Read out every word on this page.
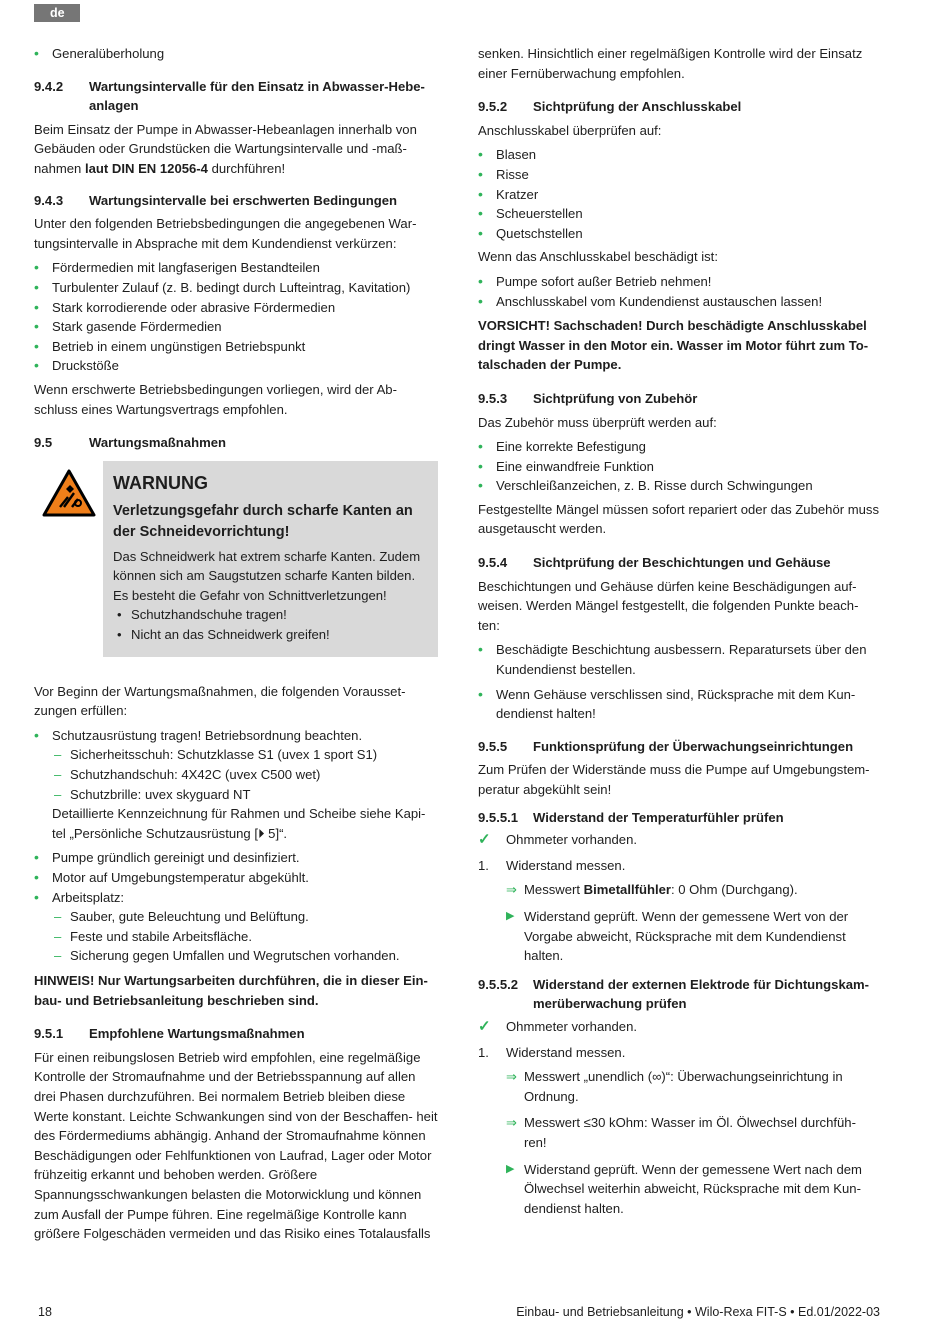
de
• Generalüberholung
9.4.2	Wartungsintervalle für den Einsatz in Abwasser-Hebe- anlagen

Beim Einsatz der Pumpe in Abwasser-Hebeanlagen innerhalb von Gebäuden oder Grundstücken die Wartungsintervalle und -maß- nahmen laut DIN EN 12056-4 durchführen!

9.4.3	Wartungsintervalle bei erschwerten Bedingungen

Unter den folgenden Betriebsbedingungen die angegebenen War- tungsintervalle in Absprache mit dem Kundendienst verkürzen:

• Fördermedien mit langfaserigen Bestandteilen
• Turbulenter Zulauf (z. B. bedingt durch Lufteintrag, Kavitation)
• Stark korrodierende oder abrasive Fördermedien
• Stark gasende Fördermedien
• Betrieb in einem ungünstigen Betriebspunkt
• Druckstöße

Wenn erschwerte Betriebsbedingungen vorliegen, wird der Ab- schluss eines Wartungsvertrags empfohlen.

9.5	Wartungsmaßnahmen
WARNUNG
Verletzungsgefahr durch scharfe Kanten an der Schneidevorrichtung!
Das Schneidwerk hat extrem scharfe Kanten. Zudem können sich am Saugstutzen scharfe Kanten bilden. Es besteht die Gefahr von Schnittverletzungen!
• Schutzhandschuhe tragen!
• Nicht an das Schneidwerk greifen!

Vor Beginn der Wartungsmaßnahmen, die folgenden Vorausset- zungen erfüllen:

• Schutzausrüstung tragen! Betriebsordnung beachten.
– Sicherheitsschuh: Schutzklasse S1 (uvex 1 sport S1)
– Schutzhandschuh: 4X42C (uvex C500 wet)
– Schutzbrille: uvex skyguard NT
Detaillierte Kennzeichnung für Rahmen und Scheibe siehe Kapi- tel „Persönliche Schutzausrüstung [⏵ 5]“.
• Pumpe gründlich gereinigt und desinfiziert.
• Motor auf Umgebungstemperatur abgekühlt.
• Arbeitsplatz:
– Sauber, gute Beleuchtung und Belüftung.
– Feste und stabile Arbeitsfläche.
– Sicherung gegen Umfallen und Wegrutschen vorhanden.

HINWEIS! Nur Wartungsarbeiten durchführen, die in dieser Ein- bau- und Betriebsanleitung beschrieben sind.

9.5.1	Empfohlene Wartungsmaßnahmen

Für einen reibungslosen Betrieb wird empfohlen, eine regelmäßige Kontrolle der Stromaufnahme und der Betriebsspannung auf allen drei Phasen durchzuführen. Bei normalem Betrieb bleiben diese Werte konstant. Leichte Schwankungen sind von der Beschaffen- heit des Fördermediums abhängig. Anhand der Stromaufnahme können Beschädigungen oder Fehlfunktionen von Laufrad, Lager oder Motor frühzeitig erkannt und behoben werden. Größere Spannungsschwankungen belasten die Motorwicklung und können zum Ausfall der Pumpe führen. Eine regelmäßige Kontrolle kann größere Folgeschäden vermeiden und das Risiko eines Totalausfalls

senken. Hinsichtlich einer regelmäßigen Kontrolle wird der Einsatz einer Fernüberwachung empfohlen.

9.5.2	Sichtprüfung der Anschlusskabel

Anschlusskabel überprüfen auf:

• Blasen
• Risse
• Kratzer
• Scheuerstellen
• Quetschstellen

Wenn das Anschlusskabel beschädigt ist:

• Pumpe sofort außer Betrieb nehmen!
• Anschlusskabel vom Kundendienst austauschen lassen!

VORSICHT! Sachschaden! Durch beschädigte Anschlusskabel dringt Wasser in den Motor ein. Wasser im Motor führt zum To- talschaden der Pumpe.

9.5.3	Sichtprüfung von Zubehör

Das Zubehör muss überprüft werden auf:

• Eine korrekte Befestigung
• Eine einwandfreie Funktion
• Verschleißanzeichen, z. B. Risse durch Schwingungen

Festgestellte Mängel müssen sofort repariert oder das Zubehör muss ausgetauscht werden.

9.5.4	Sichtprüfung der Beschichtungen und Gehäuse

Beschichtungen und Gehäuse dürfen keine Beschädigungen auf- weisen. Werden Mängel festgestellt, die folgenden Punkte beach- ten:

• Beschädigte Beschichtung ausbessern. Reparatursets über den Kundendienst bestellen.
• Wenn Gehäuse verschlissen sind, Rücksprache mit dem Kun- dendienst halten!
9.5.5	Funktionsprüfung der Überwachungseinrichtungen

Zum Prüfen der Widerstände muss die Pumpe auf Umgebungstem- peratur abgekühlt sein!

9.5.5.1	Widerstand der Temperaturfühler prüfen
✓	Ohmmeter vorhanden.
1.	Widerstand messen.
⇒ Messwert Bimetallfühler: 0 Ohm (Durchgang).
▶ Widerstand geprüft. Wenn der gemessene Wert von der Vorgabe abweicht, Rücksprache mit dem Kundendienst halten.
9.5.5.2	Widerstand der externen Elektrode für Dichtungskam- merüberwachung prüfen
✓	Ohmmeter vorhanden.
1.	Widerstand messen.
⇒ Messwert „unendlich (∞)“: Überwachungseinrichtung in Ordnung.
⇒ Messwert ≤30 kOhm: Wasser im Öl. Ölwechsel durchfüh- ren!
▶ Widerstand geprüft. Wenn der gemessene Wert nach dem Ölwechsel weiterhin abweicht, Rücksprache mit dem Kun- dendienst halten.
18	Einbau- und Betriebsanleitung • Wilo-Rexa FIT-S • Ed.01/2022-03
